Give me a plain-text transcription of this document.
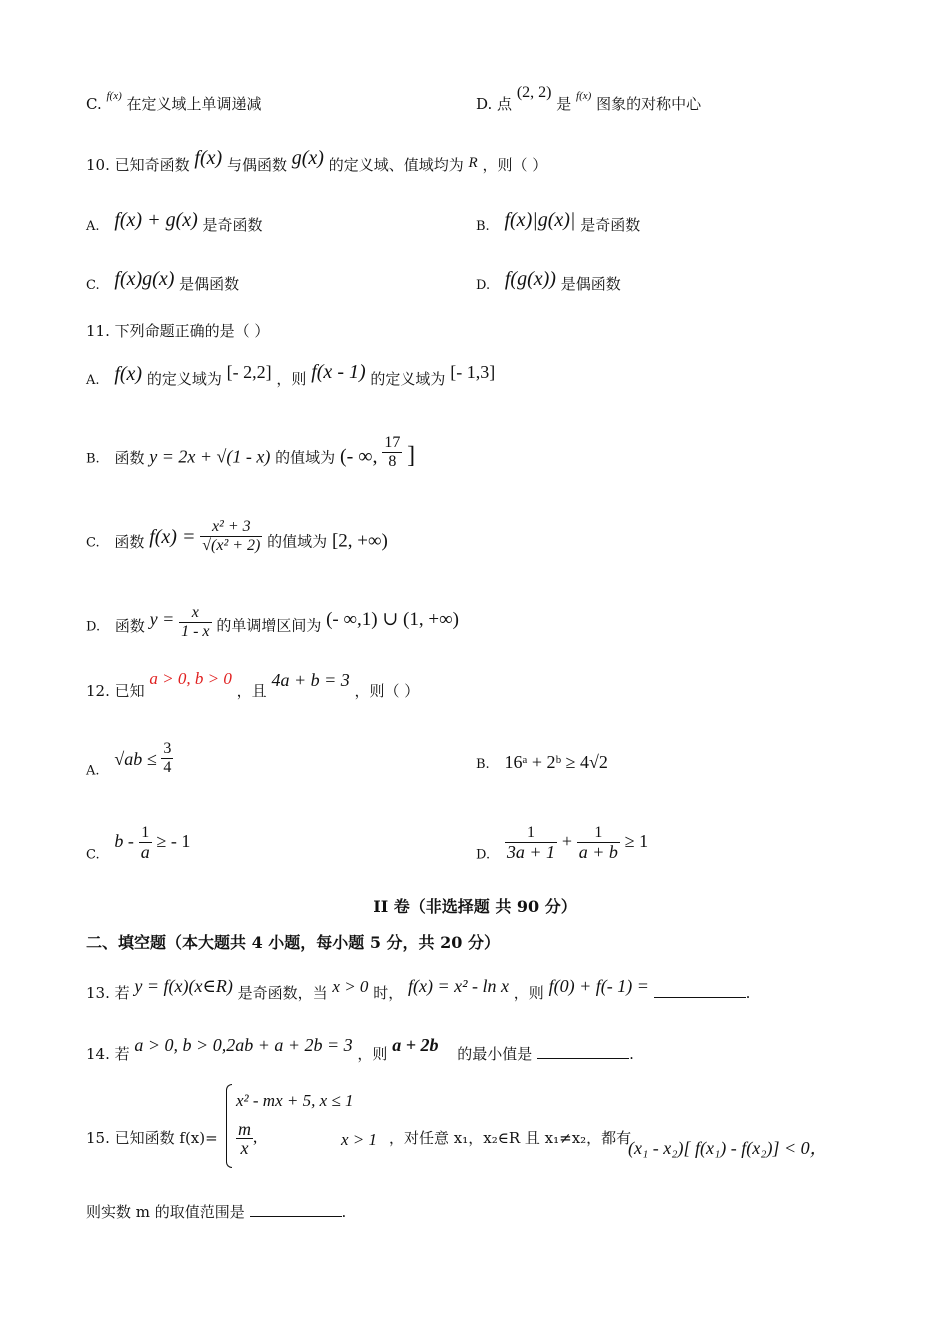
C. $^{f(x)}$ 在定义域上单调递减	D. 点 (2, 2) 是 $^{f(x)}$ 图象的对称中心
10. 已知奇函数 f(x) 与偶函数 g(x) 的定义域、值域均为 R ，则（ ）
A. f(x) + g(x) 是奇函数	B. f(x)|g(x)| 是奇函数
C. f(x)g(x) 是偶函数	D. f(g(x)) 是偶函数
11. 下列命题正确的是（ ）
A. f(x) 的定义域为 [- 2,2] ，则 f(x - 1) 的定义域为 [- 1,3]
B. 函数 y = 2x + √(1 - x) 的值域为 (- ∞, $\frac{17}{8}$ ]
C. 函数 $f(x) = \frac{\text{x² + 3}}{\text{√(x² + 2)}}$ 的值域为 [2, +∞)
D. 函数 $y = \frac{x}{1 - x}$ 的单调增区间为 (- ∞,1) ∪ (1, +∞)
12. 已知 a > 0, b > 0 ，且 4a + b = 3 ，则（ ）
A. $√ab \le \frac{3}{4}$	B. 16ᵃ + 2ᵇ ≥ 4√2
C. b - $\frac{1}{a}$ ≥ - 1
D. $\frac{1}{3a + 1} + \frac{1}{a + b} \ge 1$
II 卷（非选择题 共 90 分）
二、填空题（本大题共 4 小题，每小题 5 分，共 20 分）
13. 若 y = f(x)(x∈R) 是奇函数，当 x > 0 时， f(x) = x² - ln x ，则 f(0) + f(- 1) =	.
14. 若 a > 0, b > 0,2ab + a + 2b = 3 ，则 a + 2b 的最小值是	.
15. 已知函数 f(x)=
x² - mx + 5, x ≤ 1
$\frac{m}{x}$ ,	x > 1 ，对任意 x₁，x₂∈R 且 x₁≠x₂，都有
(x₁ - x₂)[ f(x₁) - f(x₂)] < 0，
则实数 m 的取值范围是	.
